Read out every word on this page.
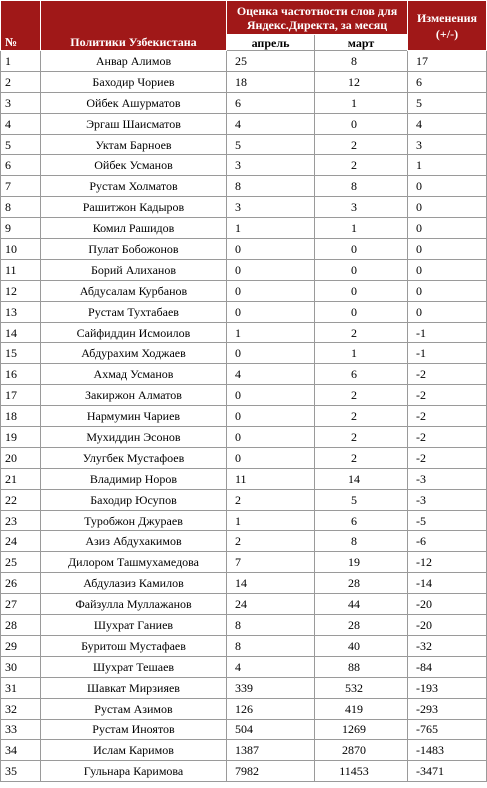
№	Политики Узбекистана	Оценка частотности слов для Яндекс.Директа, за месяц		Изменения (+/-)
		апрель	март	
1	Анвар Алимов	25	8	17
2	Баходир Чориев	18	12	6
3	Ойбек Ашурматов	6	1	5
4	Эргаш Шаисматов	4	0	4
5	Уктам Барноев	5	2	3
6	Ойбек Усманов	3	2	1
7	Рустам Холматов	8	8	0
8	Рашитжон Кадыров	3	3	0
9	Комил Рашидов	1	1	0
10	Пулат Бобожонов	0	0	0
11	Борий Алиханов	0	0	0
12	Абдусалам Курбанов	0	0	0
13	Рустам Тухтабаев	0	0	0
14	Сайфиддин Исмоилов	1	2	-1
15	Абдурахим Ходжаев	0	1	-1
16	Ахмад Усманов	4	6	-2
17	Закиржон Алматов	0	2	-2
18	Нармумин Чариев	0	2	-2
19	Мухиддин Эсонов	0	2	-2
20	Улугбек Мустафоев	0	2	-2
21	Владимир Норов	11	14	-3
22	Баходир Юсупов	2	5	-3
23	Туробжон Джураев	1	6	-5
24	Азиз Абдухакимов	2	8	-6
25	Дилором Ташмухамедова	7	19	-12
26	Абдулазиз Камилов	14	28	-14
27	Файзулла Муллажанов	24	44	-20
28	Шухрат Ганиев	8	28	-20
29	Буритош Мустафаев	8	40	-32
30	Шухрат Тешаев	4	88	-84
31	Шавкат Мирзияев	339	532	-193
32	Рустам Азимов	126	419	-293
33	Рустам Иноятов	504	1269	-765
34	Ислам Каримов	1387	2870	-1483
35	Гульнара Каримова	7982	11453	-3471
